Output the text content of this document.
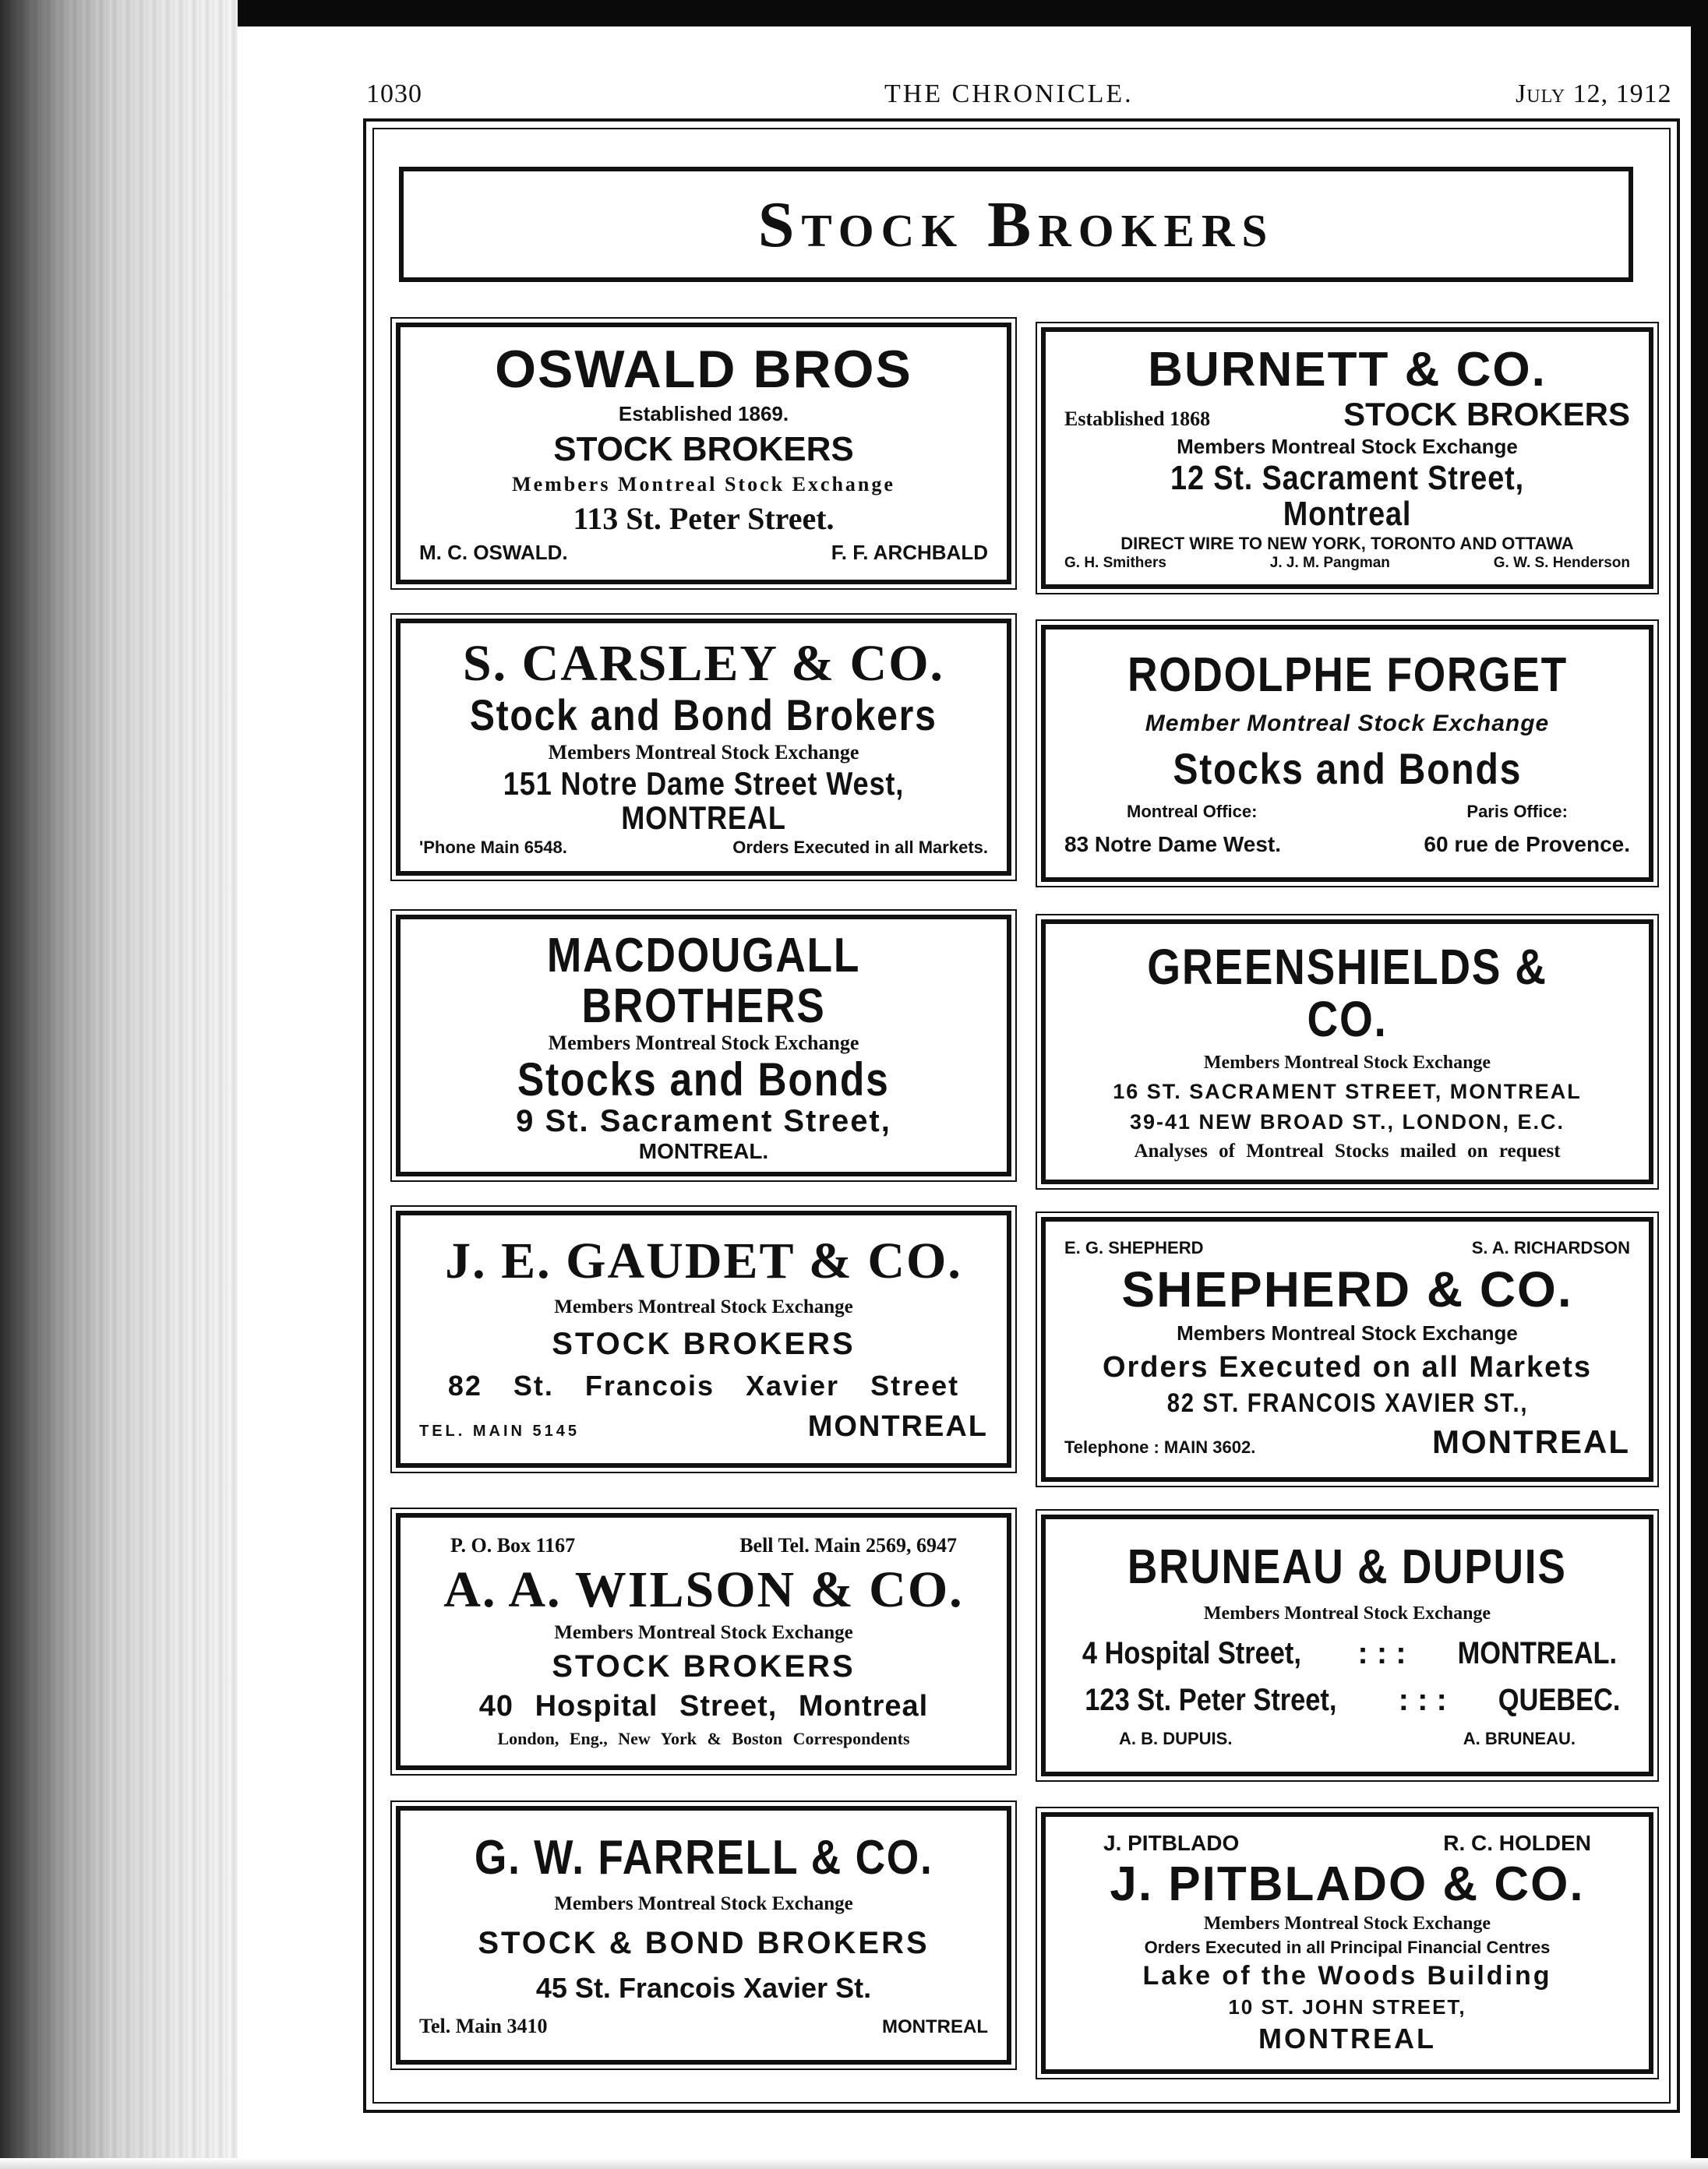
1030	THE CHRONICLE.	July 12, 1912
Stock Brokers
OSWALD BROS
Established 1869.
STOCK BROKERS
Members Montreal Stock Exchange
113 St. Peter Street.
M. C. OSWALD.	F. F. ARCHBALD
BURNETT & CO.
Established 1868	STOCK BROKERS
Members Montreal Stock Exchange
12 St. Sacrament Street, Montreal
DIRECT WIRE TO NEW YORK, TORONTO AND OTTAWA
G. H. Smithers	J. J. M. Pangman	G. W. S. Henderson
S. CARSLEY & CO.
Stock and Bond Brokers
Members Montreal Stock Exchange
151 Notre Dame Street West, MONTREAL
'Phone Main 6548.	Orders Executed in all Markets.
RODOLPHE FORGET
Member Montreal Stock Exchange
Stocks and Bonds
Montreal Office:	Paris Office:
83 Notre Dame West.	60 rue de Provence.
MACDOUGALL BROTHERS
Members Montreal Stock Exchange
Stocks and Bonds
9 St. Sacrament Street,
MONTREAL.
GREENSHIELDS & CO.
Members Montreal Stock Exchange
16 ST. SACRAMENT STREET, MONTREAL
39-41 NEW BROAD ST., LONDON, E.C.
Analyses of Montreal Stocks mailed on request
J. E. GAUDET & CO.
Members Montreal Stock Exchange
STOCK BROKERS
82 St. Francois Xavier Street
TEL. MAIN 5145	MONTREAL
E. G. SHEPHERD	S. A. RICHARDSON
SHEPHERD & CO.
Members Montreal Stock Exchange
Orders Executed on all Markets
82 ST. FRANCOIS XAVIER ST.,
Telephone : MAIN 3602.	MONTREAL
P. O. Box 1167	Bell Tel. Main 2569, 6947
A. A. WILSON & CO.
Members Montreal Stock Exchange
STOCK BROKERS
40 Hospital Street, Montreal
London, Eng., New York & Boston Correspondents
BRUNEAU & DUPUIS
Members Montreal Stock Exchange
4 Hospital Street, : : : MONTREAL.
123 St. Peter Street, : : : QUEBEC.
A. B. DUPUIS.	A. BRUNEAU.
G. W. FARRELL & CO.
Members Montreal Stock Exchange
STOCK & BOND BROKERS
45 St. Francois Xavier St.
Tel. Main 3410	MONTREAL
J. PITBLADO	R. C. HOLDEN
J. PITBLADO & CO.
Members Montreal Stock Exchange
Orders Executed in all Principal Financial Centres
Lake of the Woods Building
10 ST. JOHN STREET,
MONTREAL
